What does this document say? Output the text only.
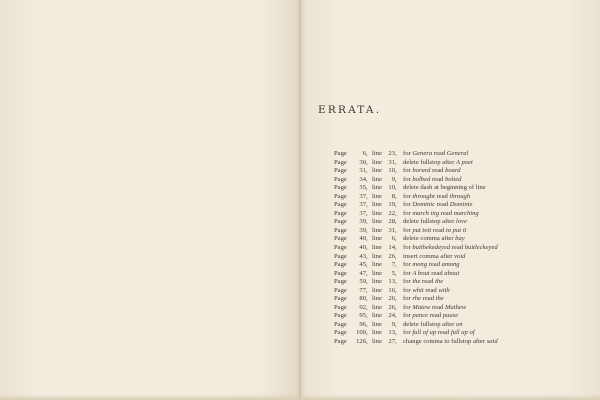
ERRATA.
Page	6 , line 23 , for Genera read General
Page	30 , line 31 , delete fullstop after A poet
Page	31 , line 10 , for borard read board
Page	34 , line	9 , for bolbed read bolted
Page	35 , line 10 , delete dash at beginning of line
Page	37 , line	8 , for throught read through
Page	37 , line 19 , for Dominic read Dominie
Page	37 , line 22 , for march ing read marching
Page	39 , line 28 , delete fullstop after love
Page	39 , line 31 , for put toit read to put it
Page	40 , line	6 , delete comma after bay
Page	40 , line 14 , for buithekedeyed read buitleckeyed
Page	43 , line 26 , insert comma after void
Page	45 , line	7 , for mong read among
Page	47 , line	5 , for A bout read about
Page	59 , line 13 , for the read the
Page	77 , line 16 , for whit read with
Page	80 , line 26 , for rhe read the
Page	92 , line 26 , for Matew read Mathew
Page	95 , line 24 , for pance read pause
Page	96 , line	9 , delete fullstop after on
Page	100 , line 13 , for full of up read full up of
Page	126 , line 27 , change comma to fullstop after said
